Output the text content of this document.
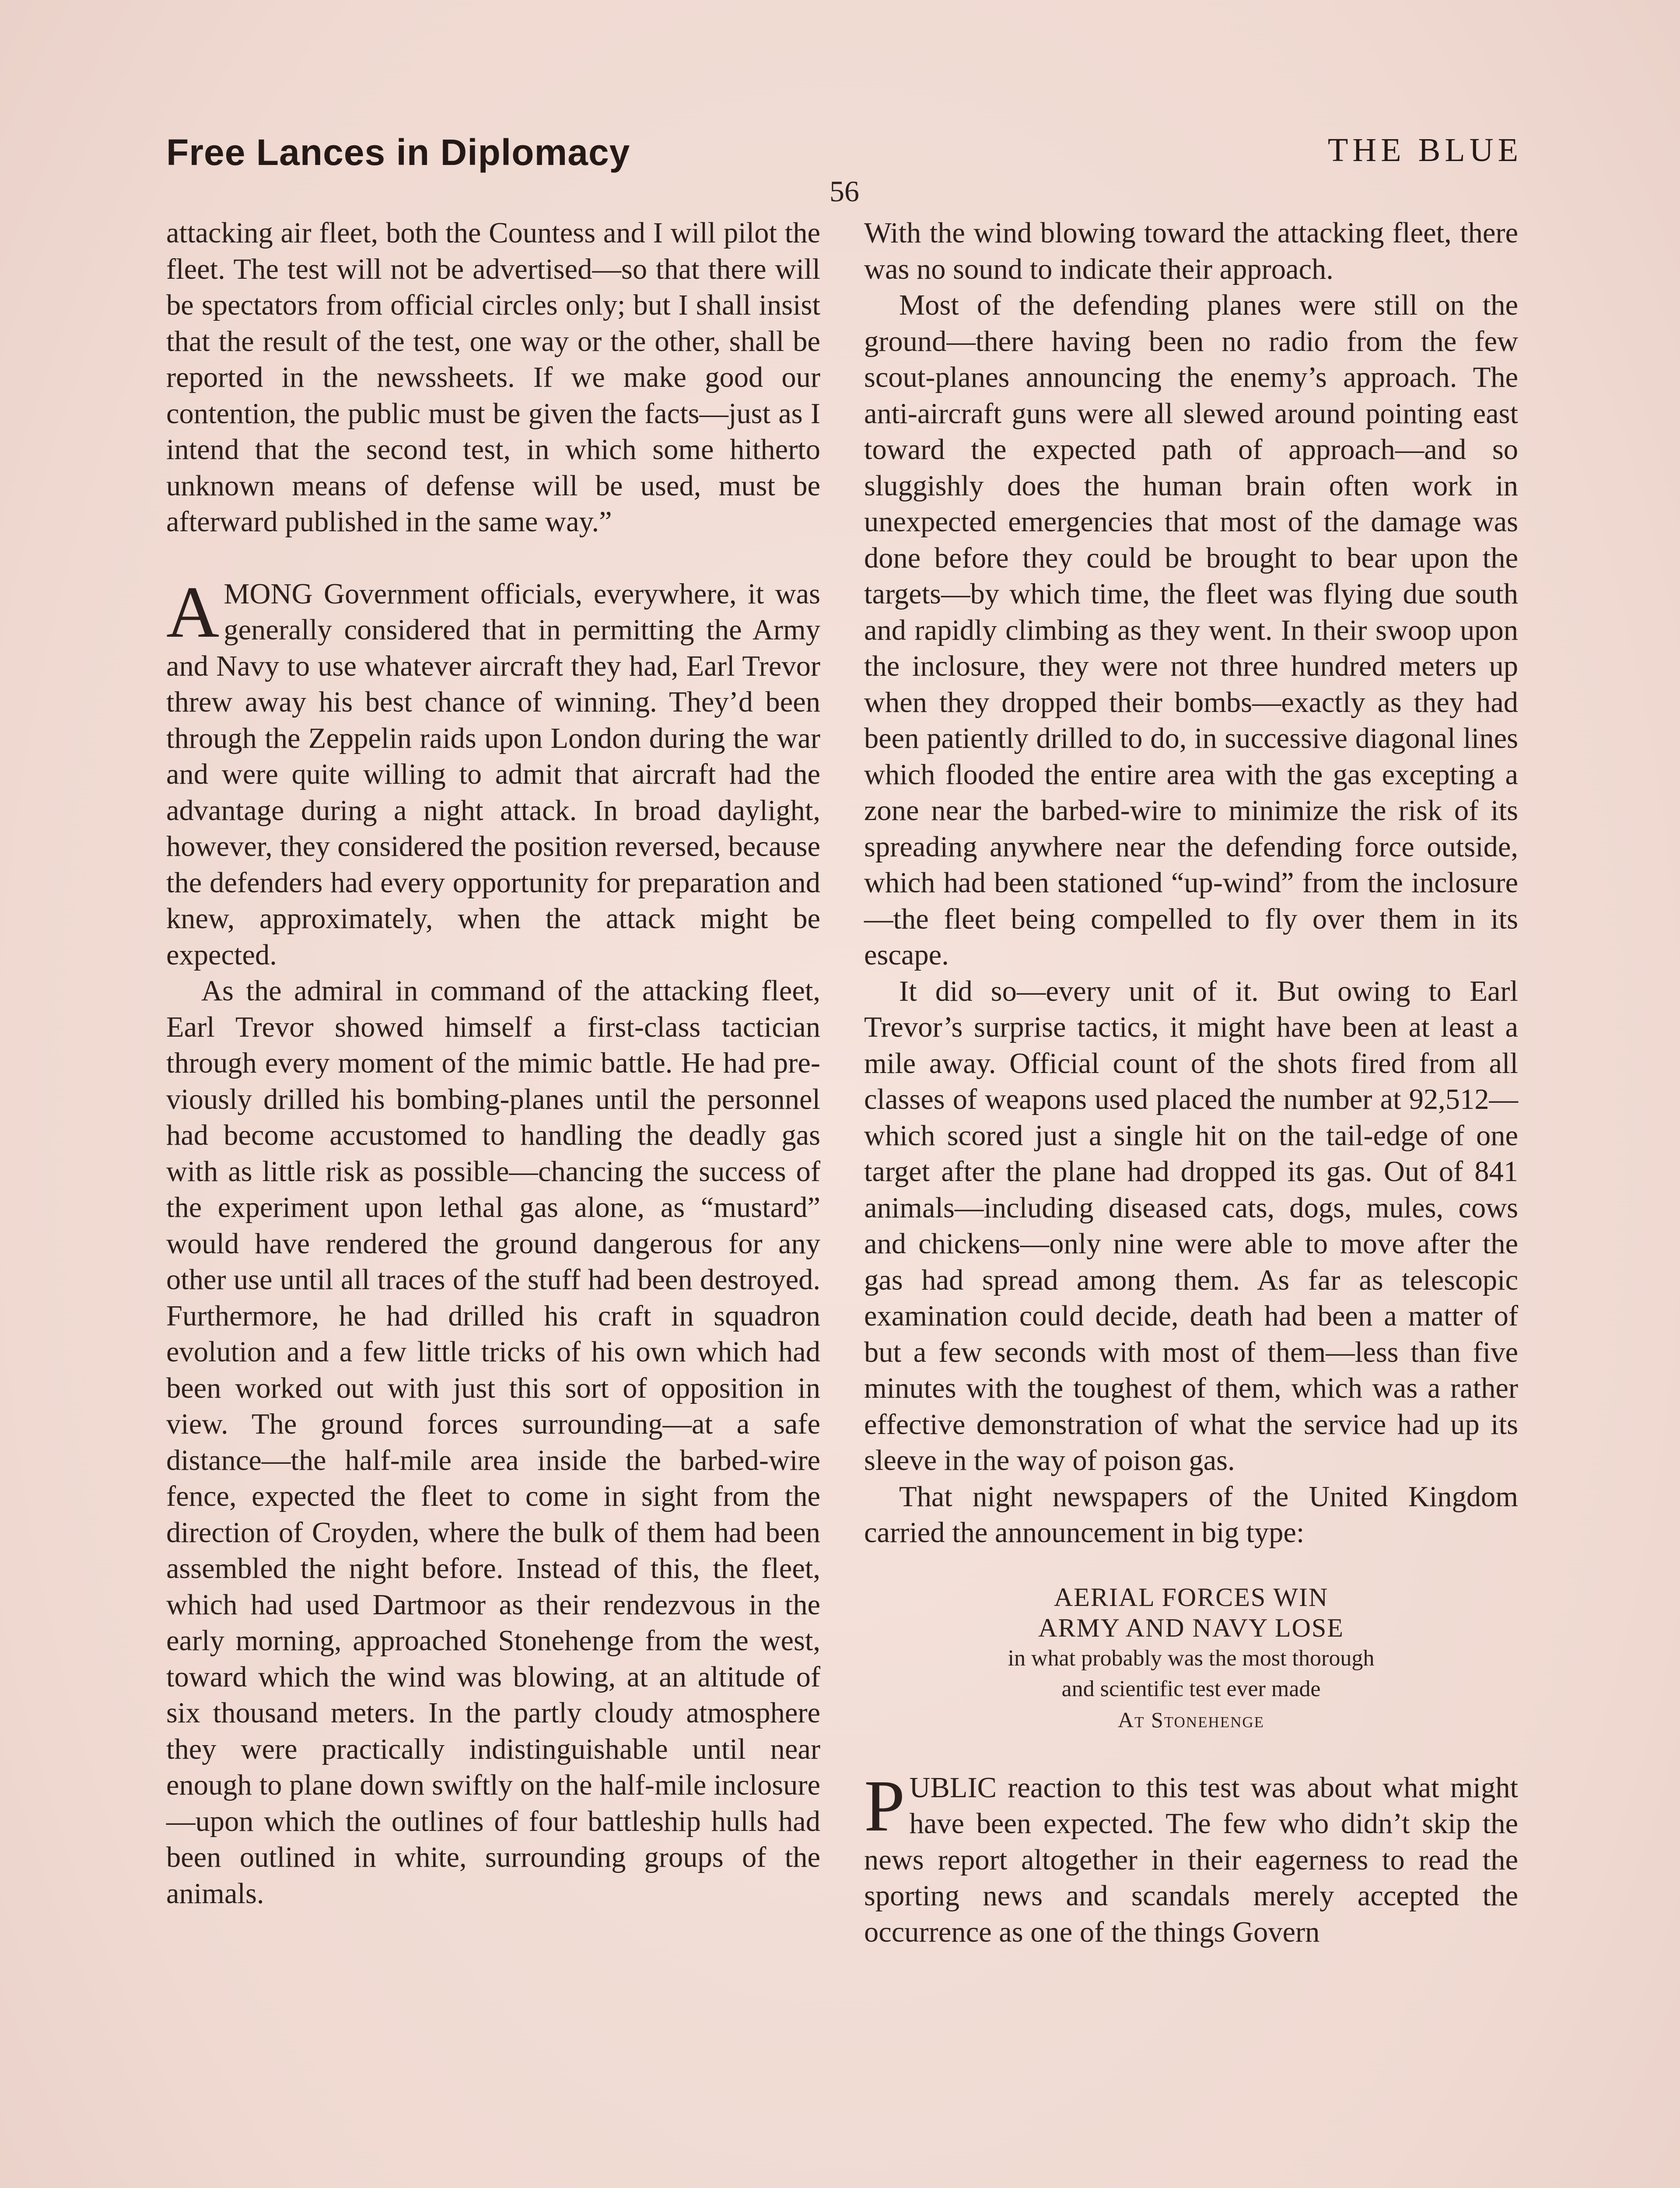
Free Lances in Diplomacy	THE BLUE
56

attacking air fleet, both the Countess and I will pilot the fleet. The test will not be advertised—so that there will be spectators from official circles only; but I shall insist that the result of the test, one way or the other, shall be reported in the newssheets. If we make good our contention, the public must be given the facts—just as I intend that the second test, in which some hitherto unknown means of defense will be used, must be afterward published in the same way.”

AMONG Government officials, everywhere, it was generally considered that in permitting the Army and Navy to use whatever aircraft they had, Earl Trevor threw away his best chance of winning. They’d been through the Zeppelin raids upon London during the war and were quite willing to admit that aircraft had the advantage during a night attack. In broad daylight, however, they considered the position reversed, because the defenders had every opportunity for preparation and knew, approximately, when the attack might be expected.

As the admiral in command of the attacking fleet, Earl Trevor showed himself a first-class tactician through every moment of the mimic battle. He had previously drilled his bombing-planes until the personnel had become accustomed to handling the deadly gas with as little risk as possible—chancing the success of the experiment upon lethal gas alone, as “mustard” would have rendered the ground dangerous for any other use until all traces of the stuff had been destroyed. Furthermore, he had drilled his craft in squadron evolution and a few little tricks of his own which had been worked out with just this sort of opposition in view. The ground forces surrounding—at a safe distance—the half-mile area inside the barbed-wire fence, expected the fleet to come in sight from the direction of Croyden, where the bulk of them had been assembled the night before. Instead of this, the fleet, which had used Dartmoor as their rendezvous in the early morning, approached Stonehenge from the west, toward which the wind was blowing, at an altitude of six thousand meters. In the partly cloudy atmosphere they were practically indistinguishable until near enough to plane down swiftly on the half-mile inclosure—upon which the outlines of four battleship hulls had been outlined in white, surrounding groups of the animals.

With the wind blowing toward the attacking fleet, there was no sound to indicate their approach.

Most of the defending planes were still on the ground—there having been no radio from the few scout-planes announcing the enemy’s approach. The anti-aircraft guns were all slewed around pointing east toward the expected path of approach—and so sluggishly does the human brain often work in unexpected emergencies that most of the damage was done before they could be brought to bear upon the targets—by which time, the fleet was flying due south and rapidly climbing as they went. In their swoop upon the inclosure, they were not three hundred meters up when they dropped their bombs—exactly as they had been patiently drilled to do, in successive diagonal lines which flooded the entire area with the gas excepting a zone near the barbed-wire to minimize the risk of its spreading anywhere near the defending force outside, which had been stationed “up-wind” from the inclosure—the fleet being compelled to fly over them in its escape.

It did so—every unit of it. But owing to Earl Trevor’s surprise tactics, it might have been at least a mile away. Official count of the shots fired from all classes of weapons used placed the number at 92,512—which scored just a single hit on the tail-edge of one target after the plane had dropped its gas. Out of 841 animals—including diseased cats, dogs, mules, cows and chickens—only nine were able to move after the gas had spread among them. As far as telescopic examination could decide, death had been a matter of but a few seconds with most of them—less than five minutes with the toughest of them, which was a rather effective demonstration of what the service had up its sleeve in the way of poison gas.

That night newspapers of the United Kingdom carried the announcement in big type:

AERIAL FORCES WIN
ARMY AND NAVY LOSE
in what probably was the most thorough
and scientific test ever made
At Stonehenge

PUBLIC reaction to this test was about what might have been expected. The few who didn’t skip the news report altogether in their eagerness to read the sporting news and scandals merely accepted the occurrence as one of the things Govern
